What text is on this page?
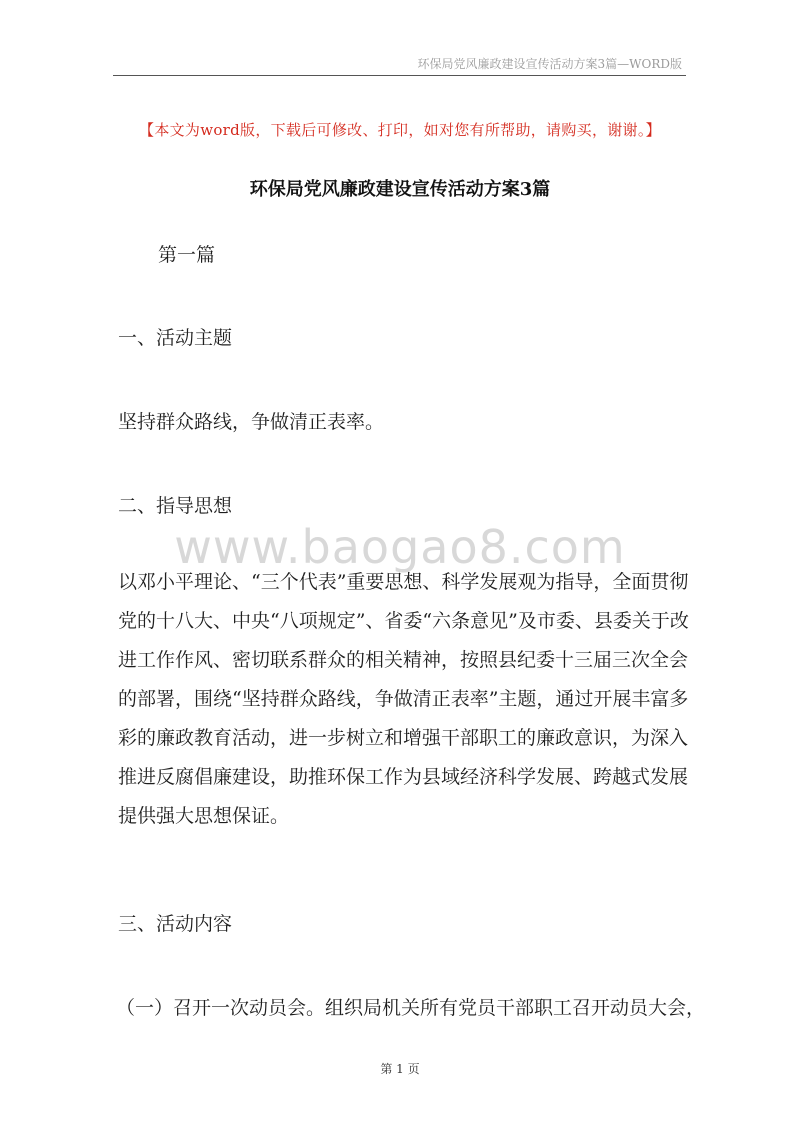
环保局党风廉政建设宣传活动方案3篇—WORD版
【本文为word版，下载后可修改、打印，如对您有所帮助，请购买，谢谢。】
环保局党风廉政建设宣传活动方案3篇
第一篇
一、活动主题
坚持群众路线，争做清正表率。
二、指导思想
www.baogao8.com
以邓小平理论、“三个代表”重要思想、科学发展观为指导，全面贯彻
党的十八大、中央“八项规定”、省委“六条意见”及市委、县委关于改
进工作作风、密切联系群众的相关精神，按照县纪委十三届三次全会
的部署，围绕“坚持群众路线，争做清正表率”主题，通过开展丰富多
彩的廉政教育活动，进一步树立和增强干部职工的廉政意识，为深入
推进反腐倡廉建设，助推环保工作为县域经济科学发展、跨越式发展
提供强大思想保证。
三、活动内容
（一）召开一次动员会。组织局机关所有党员干部职工召开动员大会，
第 1 页
